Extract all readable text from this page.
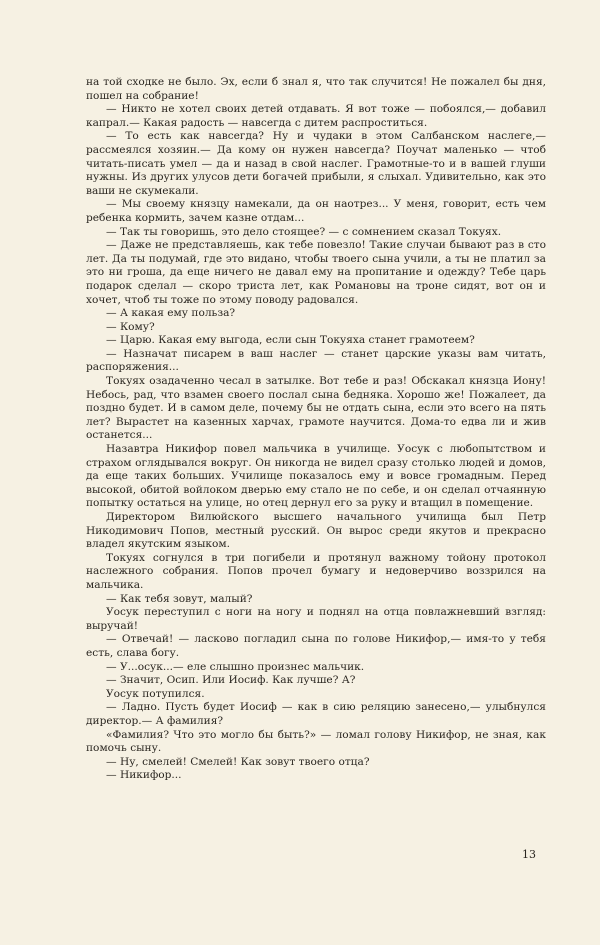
на той сходке не было. Эх, если б знал я, что так случится! Не пожалел бы дня, пошел на собрание!

— Никто не хотел своих детей отдавать. Я вот тоже — побоялся,— добавил капрал.— Какая радость — навсегда с дитем распроститься.

— То есть как навсегда? Ну и чудаки в этом Салбанском наслеге,— рассмеялся хозяин.— Да кому он нужен навсегда? Поучат маленько — чтоб читать-писать умел — да и назад в свой наслег. Грамотные-то и в вашей глуши нужны. Из других улусов дети богачей прибыли, я слыхал. Удивительно, как это ваши не скумекали.

— Мы своему князцу намекали, да он наотрез... У меня, говорит, есть чем ребенка кормить, зачем казне отдам...

— Так ты говоришь, это дело стоящее? — с сомнением сказал Токуях.

— Даже не представляешь, как тебе повезло! Такие случаи бывают раз в сто лет. Да ты подумай, где это видано, чтобы твоего сына учили, а ты не платил за это ни гроша, да еще ничего не давал ему на пропитание и одежду? Тебе царь подарок сделал — скоро триста лет, как Романовы на троне сидят, вот он и хочет, чтоб ты тоже по этому поводу радовался.

— А какая ему польза?

— Кому?

— Царю. Какая ему выгода, если сын Токуяха станет грамотеем?

— Назначат писарем в ваш наслег — станет царские указы вам читать, распоряжения...

Токуях озадаченно чесал в затылке. Вот тебе и раз! Обскакал князца Иону! Небось, рад, что взамен своего послал сына бедняка. Хорошо же! Пожалеет, да поздно будет. И в самом деле, почему бы не отдать сына, если это всего на пять лет? Вырастет на казенных харчах, грамоте научится. Дома-то едва ли и жив останется...

Назавтра Никифор повел мальчика в училище. Уосук с любопытством и страхом оглядывался вокруг. Он никогда не видел сразу столько людей и домов, да еще таких больших. Училище показалось ему и вовсе громадным. Перед высокой, обитой войлоком дверью ему стало не по себе, и он сделал отчаянную попытку остаться на улице, но отец дернул его за руку и втащил в помещение.

Директором Вилюйского высшего начального училища был Петр Никодимович Попов, местный русский. Он вырос среди якутов и прекрасно владел якутским языком.

Токуях согнулся в три погибели и протянул важному тойону протокол наслежного собрания. Попов прочел бумагу и недоверчиво воззрился на мальчика.

— Как тебя зовут, малый?

Уосук переступил с ноги на ногу и поднял на отца повлажневший взгляд: выручай!

— Отвечай! — ласково погладил сына по голове Никифор,— имя-то у тебя есть, слава богу.

— У...осук...— еле слышно произнес мальчик.

— Значит, Осип. Или Иосиф. Как лучше? А?

Уосук потупился.

— Ладно. Пусть будет Иосиф — как в сию реляцию занесено,— улыбнулся директор.— А фамилия?

«Фамилия? Что это могло бы быть?» — ломал голову Никифор, не зная, как помочь сыну.

— Ну, смелей! Смелей! Как зовут твоего отца?

— Никифор...

13
